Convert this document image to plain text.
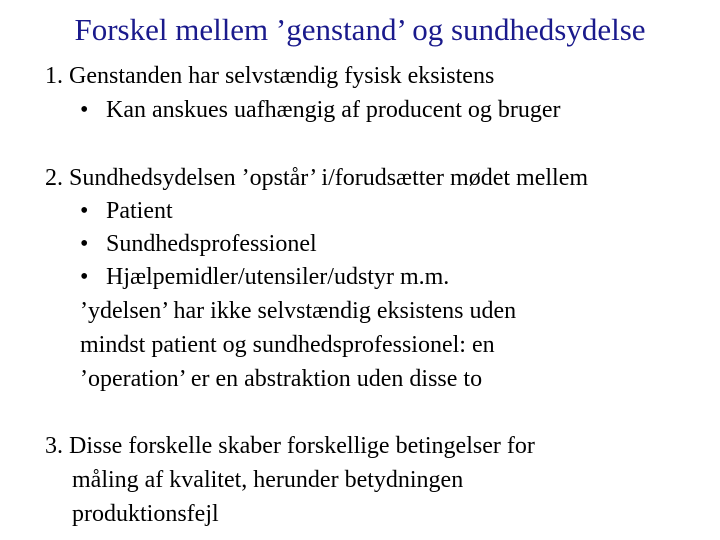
Forskel mellem ’genstand’ og sundhedsydelse
1. Genstanden har selvstændig fysisk eksistens
• Kan anskues uafhængig af producent og bruger
2. Sundhedsydelsen ’opstår’ i/forudsætter mødet mellem
• Patient
• Sundhedsprofessionel
• Hjælpemidler/utensiler/udstyr m.m.
’ydelsen’ har ikke selvstændig eksistens uden
mindst patient og sundhedsprofessionel: en
’operation’ er en abstraktion uden disse to
3. Disse forskelle skaber forskellige betingelser for
måling af kvalitet, herunder betydningen
produktionsfejl
